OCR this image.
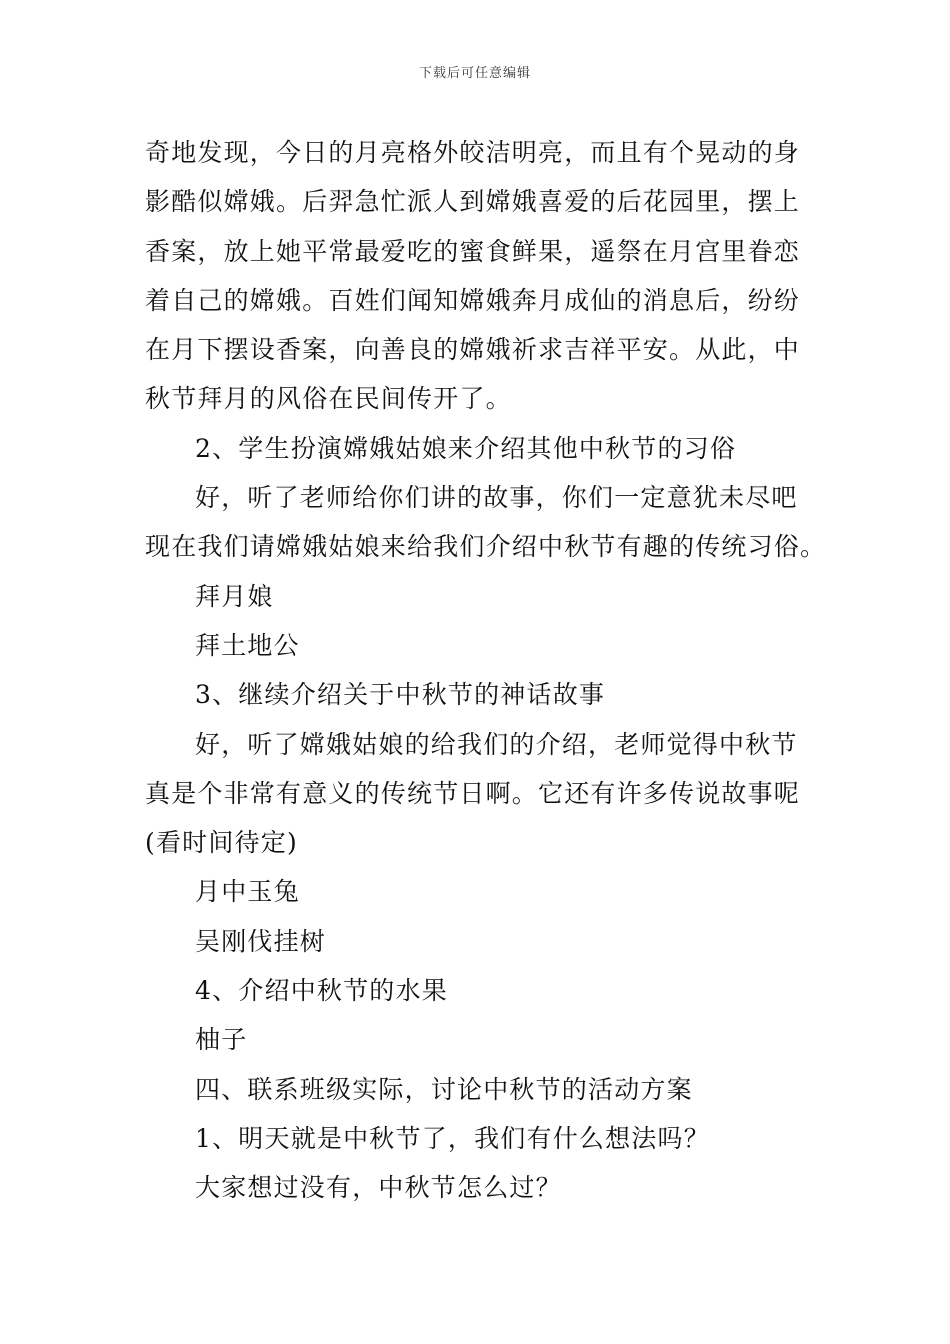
下载后可任意编辑
奇地发现，今日的月亮格外皎洁明亮，而且有个晃动的身
影酷似嫦娥。后羿急忙派人到嫦娥喜爱的后花园里，摆上
香案，放上她平常最爱吃的蜜食鲜果，遥祭在月宫里眷恋
着自己的嫦娥。百姓们闻知嫦娥奔月成仙的消息后，纷纷
在月下摆设香案，向善良的嫦娥祈求吉祥平安。从此，中
秋节拜月的风俗在民间传开了。
2、学生扮演嫦娥姑娘来介绍其他中秋节的习俗
好，听了老师给你们讲的故事，你们一定意犹未尽吧
现在我们请嫦娥姑娘来给我们介绍中秋节有趣的传统习俗。
拜月娘
拜土地公
3、继续介绍关于中秋节的神话故事
好，听了嫦娥姑娘的给我们的介绍，老师觉得中秋节
真是个非常有意义的传统节日啊。它还有许多传说故事呢
(看时间待定)
月中玉兔
吴刚伐挂树
4、介绍中秋节的水果
柚子
四、联系班级实际，讨论中秋节的活动方案
1、明天就是中秋节了，我们有什么想法吗？
大家想过没有，中秋节怎么过？
